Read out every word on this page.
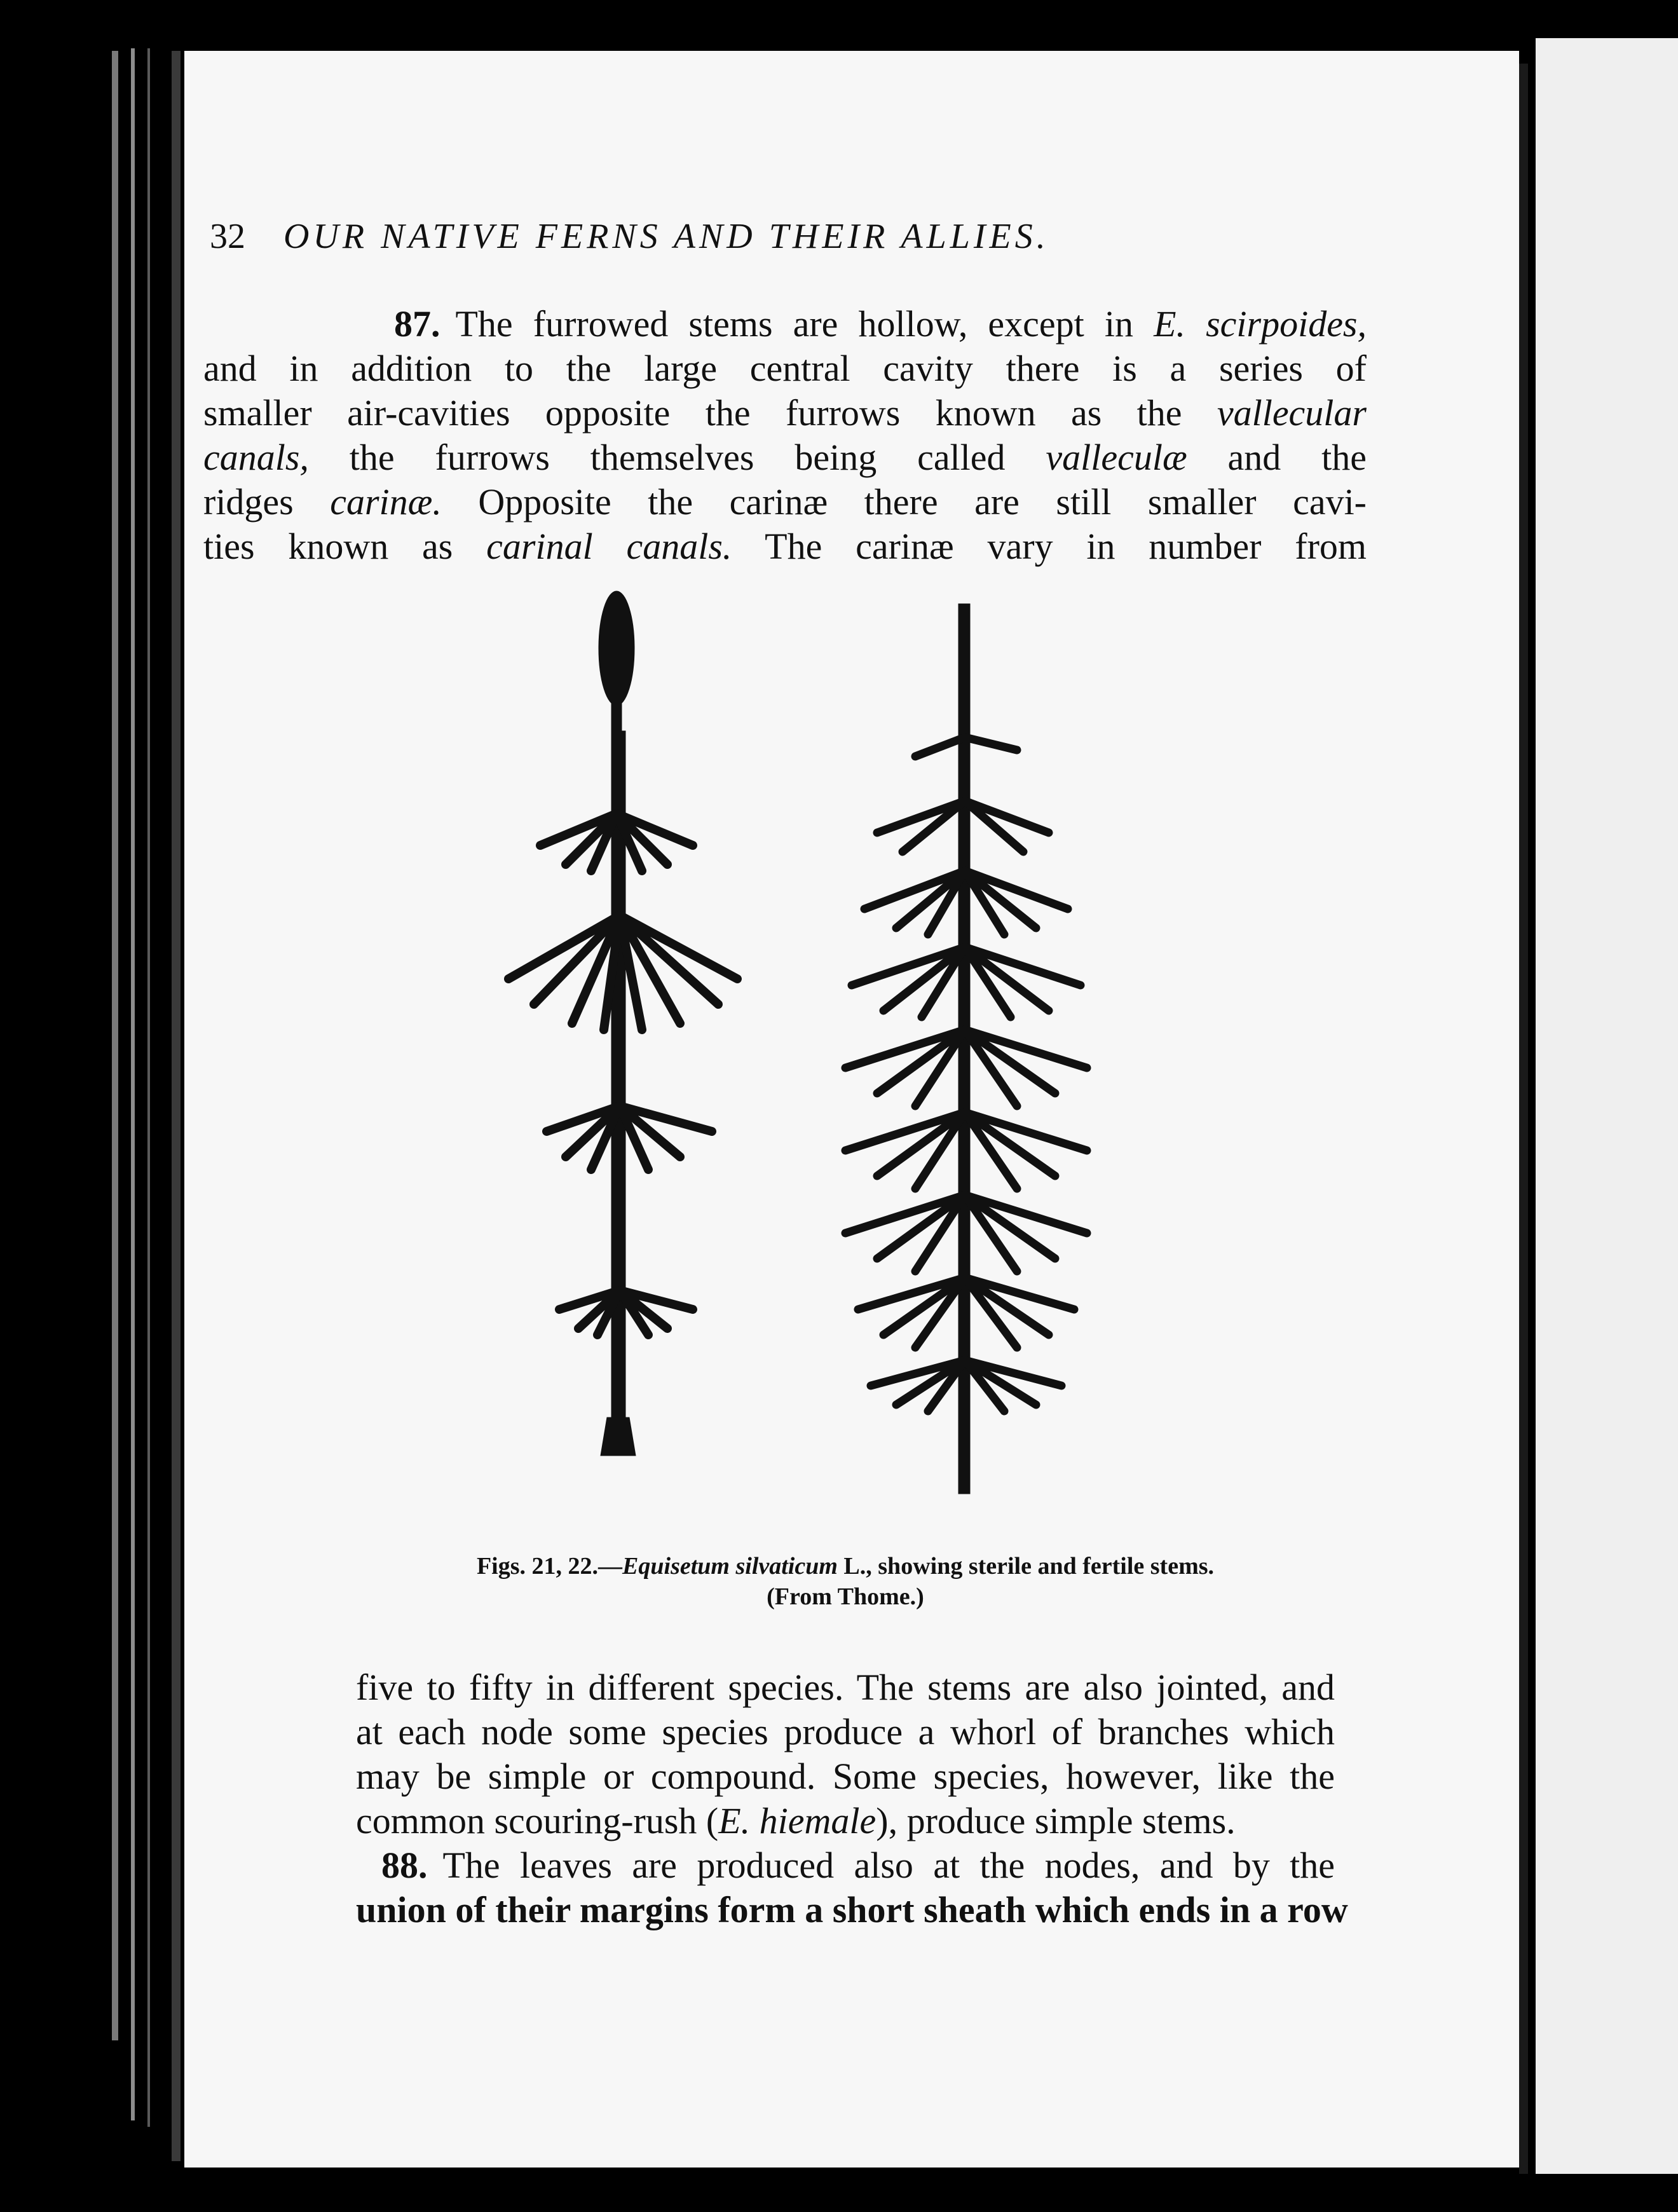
32 OUR NATIVE FERNS AND THEIR ALLIES.
87. The furrowed stems are hollow, except in E. scirpoides,
and in addition to the large central cavity there is a series of
smaller air-cavities opposite the furrows known as the vallecular
canals, the furrows themselves being called valleculæ and the
ridges carinæ. Opposite the carinæ there are still smaller cavi-
ties known as carinal canals. The carinæ vary in number from
Figs. 21, 22.—Equisetum silvaticum L., showing sterile and fertile stems.
(From Thome.)
five to fifty in different species. The stems are also jointed, and
at each node some species produce a whorl of branches which
may be simple or compound. Some species, however, like the
common scouring-rush (E. hiemale), produce simple stems.
88. The leaves are produced also at the nodes, and by the
union of their margins form a short sheath which ends in a row
